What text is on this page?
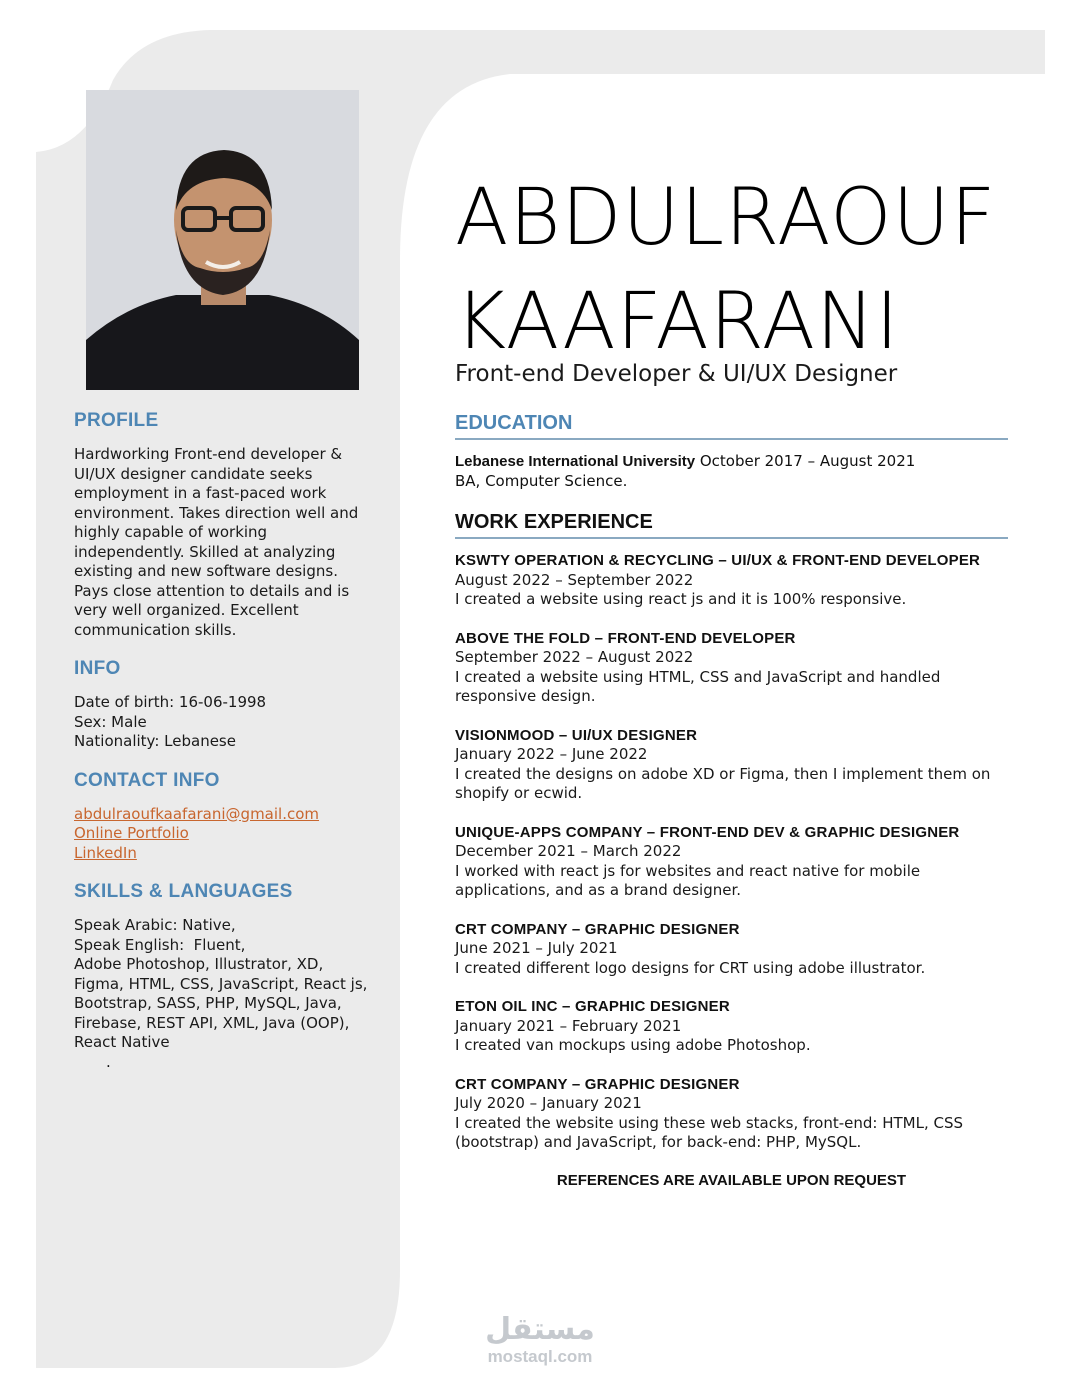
PROFILE
Hardworking Front-end developer & UI/UX designer candidate seeks employment in a fast-paced work environment. Takes direction well and highly capable of working independently. Skilled at analyzing existing and new software designs. Pays close attention to details and is very well organized. Excellent communication skills.
INFO
Date of birth: 16-06-1998
Sex: Male
Nationality: Lebanese
CONTACT INFO
abdulraoufkaafarani@gmail.com
Online Portfolio
LinkedIn
SKILLS & LANGUAGES
Speak Arabic: Native,
Speak English:  Fluent,
Adobe Photoshop, Illustrator, XD,
Figma, HTML, CSS, JavaScript, React js,
Bootstrap, SASS, PHP, MySQL, Java,
Firebase, REST API, XML, Java (OOP),
React Native
.
ABDULRAOUF
KAAFARANI

Front-end Developer & UI/UX Designer

EDUCATION
Lebanese International University October 2017 – August 2021
BA, Computer Science.
WORK EXPERIENCE
KSWTY OPERATION & RECYCLING – UI/UX & FRONT-END DEVELOPER
August 2022 – September 2022
I created a website using react js and it is 100% responsive.
ABOVE THE FOLD – FRONT-END DEVELOPER
September 2022 – August 2022
I created a website using HTML, CSS and JavaScript and handled
responsive design.
VISIONMOOD – UI/UX DESIGNER
January 2022 – June 2022
I created the designs on adobe XD or Figma, then I implement them on
shopify or ecwid.
UNIQUE-APPS COMPANY – FRONT-END DEV & GRAPHIC DESIGNER
December 2021 – March 2022
I worked with react js for websites and react native for mobile
applications, and as a brand designer.
CRT COMPANY – GRAPHIC DESIGNER
June 2021 – July 2021
I created different logo designs for CRT using adobe illustrator.
ETON OIL INC – GRAPHIC DESIGNER
January 2021 – February 2021
I created van mockups using adobe Photoshop.
CRT COMPANY – GRAPHIC DESIGNER
July 2020 – January 2021
I created the website using these web stacks, front-end: HTML, CSS
(bootstrap) and JavaScript, for back-end: PHP, MySQL.
REFERENCES ARE AVAILABLE UPON REQUEST
مستقل
mostaql.com
